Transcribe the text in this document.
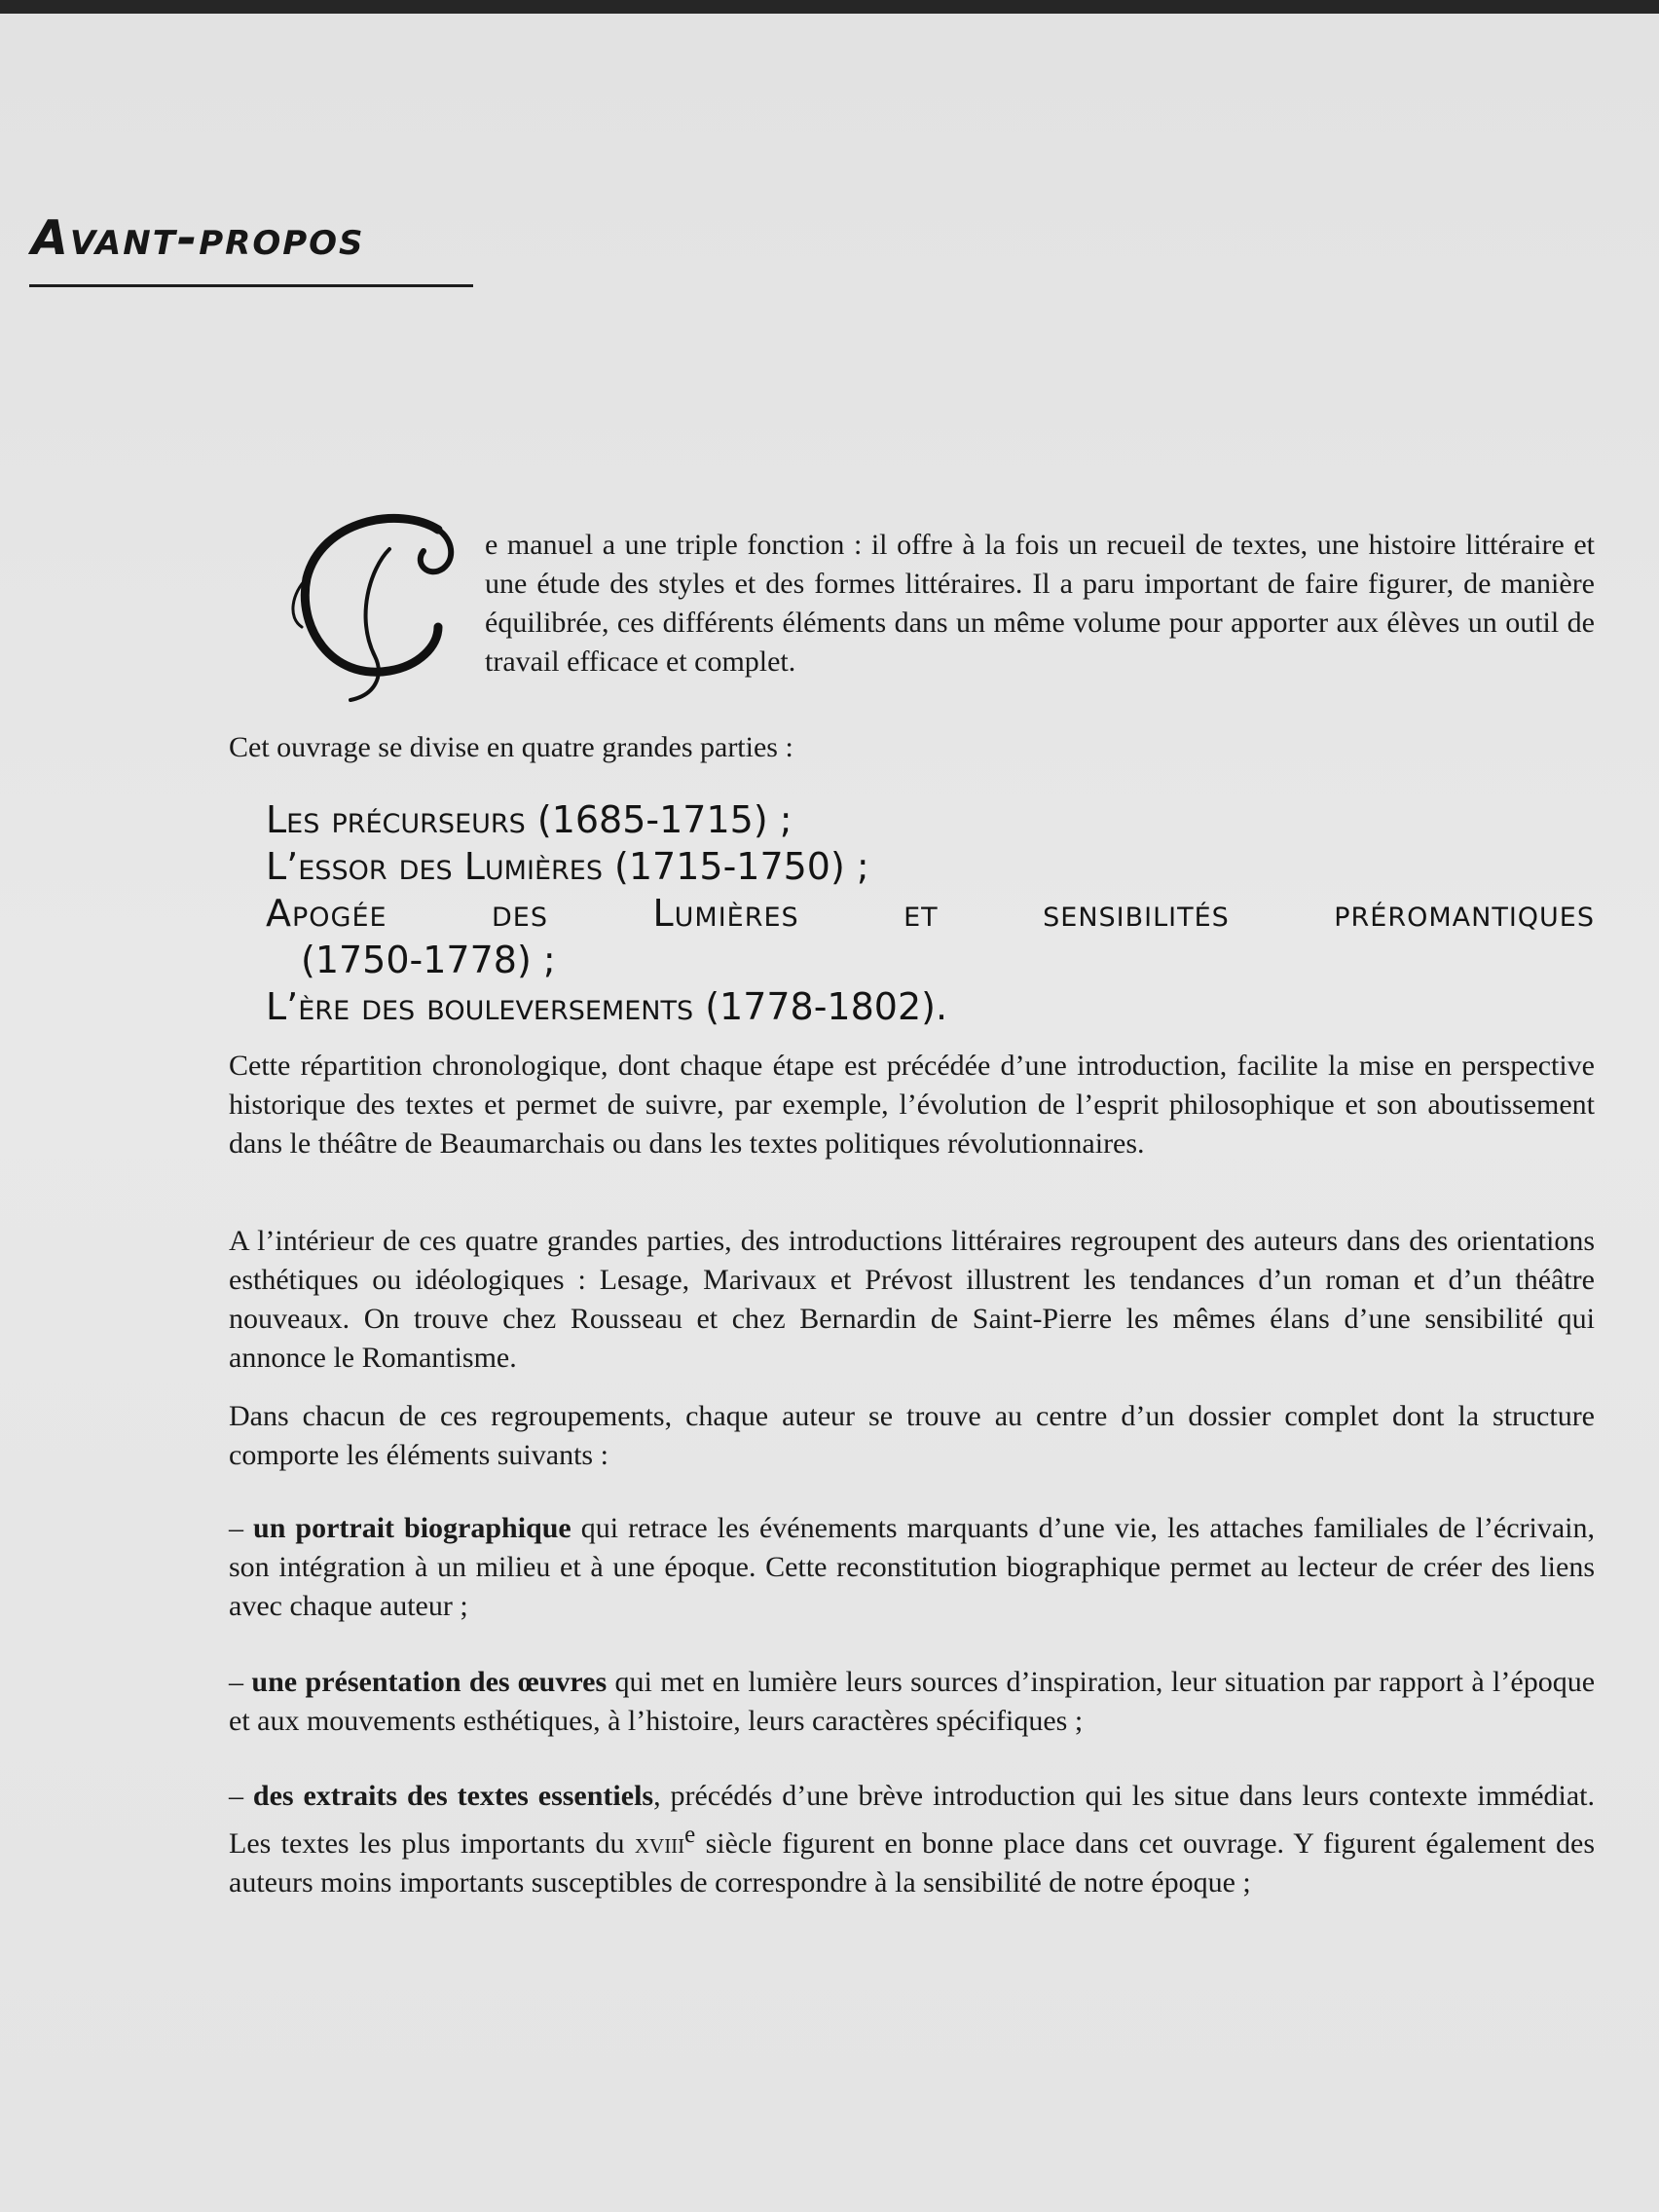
Avant-propos

e manuel a une triple fonction : il offre à la fois un recueil de textes, une histoire littéraire et une étude des styles et des formes littéraires. Il a paru important de faire figurer, de manière équilibrée, ces différents éléments dans un même volume pour apporter aux élèves un outil de travail efficace et complet.

Cet ouvrage se divise en quatre grandes parties :

Les précurseurs (1685-1715) ;
L’essor des Lumières (1715-1750) ;
Apogée des Lumières et sensibilités préromantiques
(1750-1778) ;
L’ère des bouleversements (1778-1802).

Cette répartition chronologique, dont chaque étape est précédée d’une introduction, facilite la mise en perspective historique des textes et permet de suivre, par exemple, l’évolution de l’esprit philosophique et son aboutissement dans le théâtre de Beaumarchais ou dans les textes politiques révolutionnaires.

A l’intérieur de ces quatre grandes parties, des introductions littéraires regroupent des auteurs dans des orientations esthétiques ou idéologiques : Lesage, Marivaux et Prévost illustrent les tendances d’un roman et d’un théâtre nouveaux. On trouve chez Rousseau et chez Bernardin de Saint-Pierre les mêmes élans d’une sensibilité qui annonce le Romantisme.

Dans chacun de ces regroupements, chaque auteur se trouve au centre d’un dossier complet dont la structure comporte les éléments suivants :

– un portrait biographique qui retrace les événements marquants d’une vie, les attaches familiales de l’écrivain, son intégration à un milieu et à une époque. Cette reconstitution biographique permet au lecteur de créer des liens avec chaque auteur ;

– une présentation des œuvres qui met en lumière leurs sources d’inspiration, leur situation par rapport à l’époque et aux mouvements esthétiques, à l’histoire, leurs caractères spécifiques ;

– des extraits des textes essentiels, précédés d’une brève introduction qui les situe dans leurs contexte immédiat. Les textes les plus importants du xviii$^e$ siècle figurent en bonne place dans cet ouvrage. Y figurent également des auteurs moins importants susceptibles de correspondre à la sensibilité de notre époque ;
